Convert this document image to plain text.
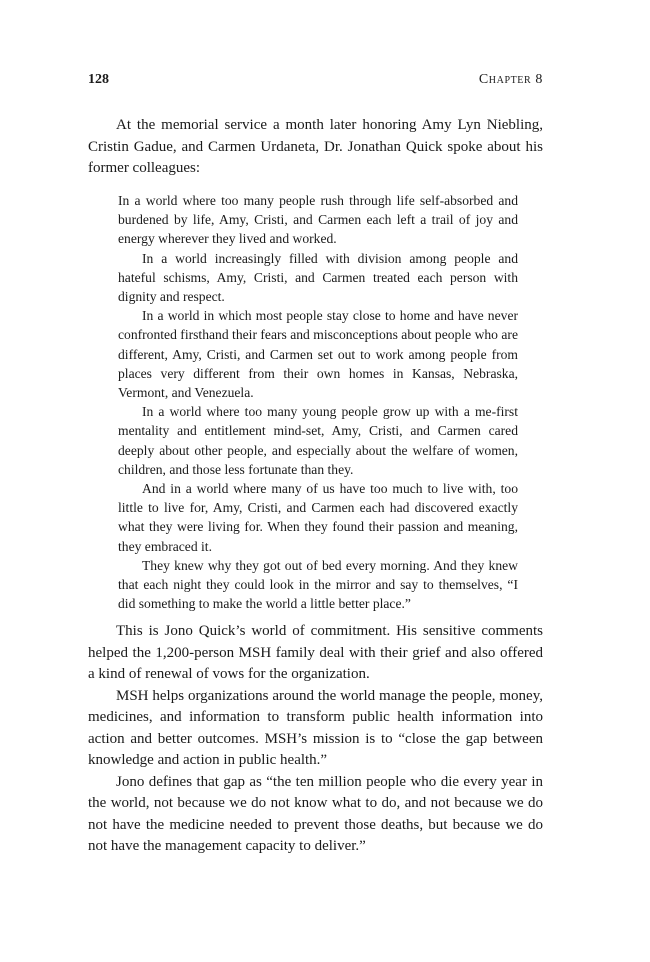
128	Chapter 8

At the memorial service a month later honoring Amy Lyn Niebling, Cristin Gadue, and Carmen Urdaneta, Dr. Jonathan Quick spoke about his former colleagues:

In a world where too many people rush through life self-absorbed and burdened by life, Amy, Cristi, and Carmen each left a trail of joy and energy wherever they lived and worked.

In a world increasingly filled with division among people and hateful schisms, Amy, Cristi, and Carmen treated each person with dignity and respect.

In a world in which most people stay close to home and have never confronted firsthand their fears and misconceptions about people who are different, Amy, Cristi, and Carmen set out to work among people from places very different from their own homes in Kansas, Nebraska, Vermont, and Venezuela.

In a world where too many young people grow up with a me-first mentality and entitlement mind-set, Amy, Cristi, and Carmen cared deeply about other people, and especially about the welfare of women, children, and those less fortunate than they.

And in a world where many of us have too much to live with, too little to live for, Amy, Cristi, and Carmen each had discovered exactly what they were living for. When they found their passion and meaning, they embraced it.

They knew why they got out of bed every morning. And they knew that each night they could look in the mirror and say to themselves, “I did something to make the world a little better place.”

This is Jono Quick’s world of commitment. His sensitive comments helped the 1,200-person MSH family deal with their grief and also offered a kind of renewal of vows for the organization.

MSH helps organizations around the world manage the people, money, medicines, and information to transform public health information into action and better outcomes. MSH’s mission is to “close the gap between knowledge and action in public health.”

Jono defines that gap as “the ten million people who die every year in the world, not because we do not know what to do, and not because we do not have the medicine needed to prevent those deaths, but because we do not have the management capacity to deliver.”
